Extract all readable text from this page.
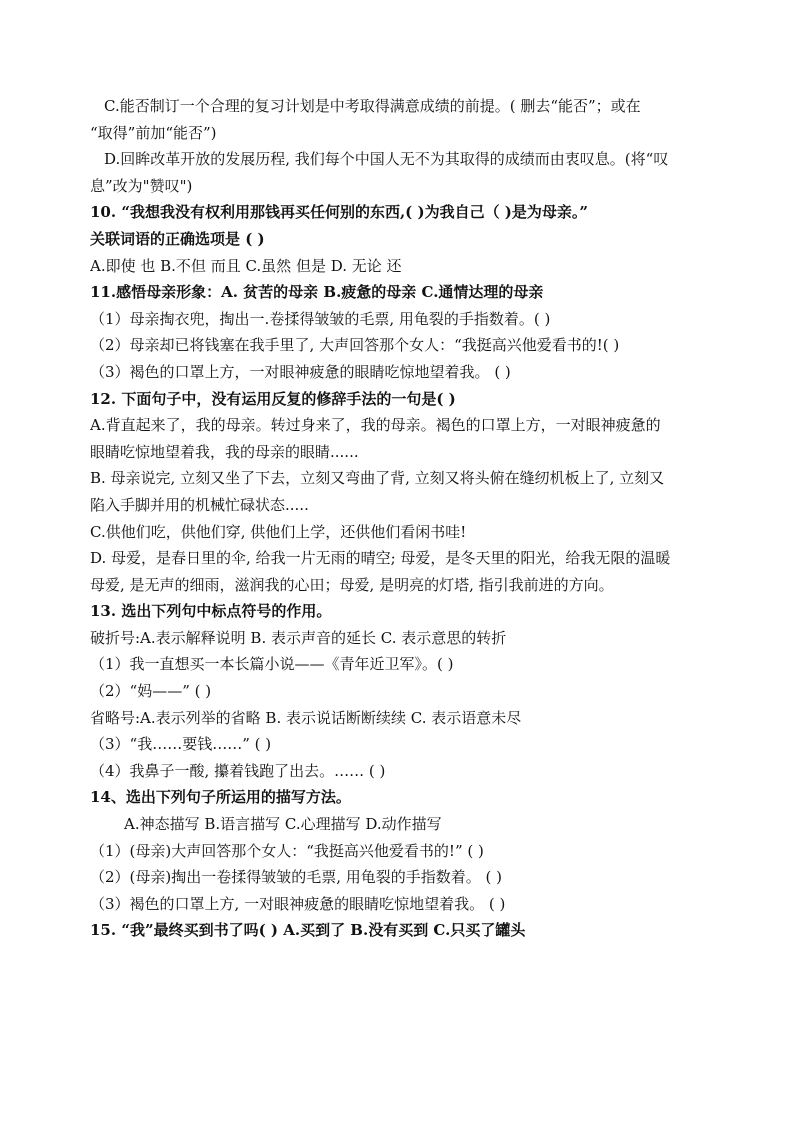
C.能否制订一个合理的复习计划是中考取得满意成绩的前提。( 删去“能否”；或在
“取得”前加“能否”)
D.回眸改革开放的发展历程, 我们每个中国人无不为其取得的成绩而由衷叹息。(将“叹
息”改为"赞叹")
10. “我想我没有权利用那钱再买任何别的东西,( )为我自己（ )是为母亲。”
关联词语的正确选项是 ( )
A.即使 也 B.不但 而且 C.虽然 但是 D. 无论 还
11.感悟母亲形象：A. 贫苦的母亲 B.疲惫的母亲 C.通情达理的母亲
（1）母亲掏衣兜，掏出一.卷揉得皱皱的毛票, 用龟裂的手指数着。( )
（2）母亲却已将钱塞在我手里了, 大声回答那个女人：“我挺高兴他爱看书的!( )
（3）褐色的口罩上方，一对眼神疲惫的眼睛吃惊地望着我。 ( )
12. 下面句子中，没有运用反复的修辞手法的一句是( )
A.背直起来了，我的母亲。转过身来了，我的母亲。褐色的口罩上方，一对眼神疲惫的
眼睛吃惊地望着我，我的母亲的眼睛......
B. 母亲说完, 立刻又坐了下去，立刻又弯曲了背, 立刻又将头俯在缝纫机板上了, 立刻又
陷入手脚并用的机械忙碌状态.....
C.供他们吃，供他们穿, 供他们上学，还供他们看闲书哇!
D. 母爱，是春日里的伞, 给我一片无雨的晴空; 母爱，是冬天里的阳光，给我无限的温暖
母爱, 是无声的细雨，滋润我的心田；母爱, 是明亮的灯塔, 指引我前进的方向。
13. 选出下列句中标点符号的作用。
破折号:A.表示解释说明 B. 表示声音的延长 C. 表示意思的转折
（1）我一直想买一本长篇小说——《青年近卫军》。( )
（2）“妈——” ( )
省略号:A.表示列举的省略 B. 表示说话断断续续 C. 表示语意未尽
（3）“我……要钱……” ( )
（4）我鼻子一酸, 攥着钱跑了出去。…… ( )
14、选出下列句子所运用的描写方法。
A.神态描写 B.语言描写 C.心理描写 D.动作描写
（1）(母亲)大声回答那个女人：“我挺高兴他爱看书的!” ( )
（2）(母亲)掏出一卷揉得皱皱的毛票, 用龟裂的手指数着。 ( )
（3）褐色的口罩上方, 一对眼神疲惫的眼睛吃惊地望着我。 ( )
15. “我”最终买到书了吗( ) A.买到了 B.没有买到 C.只买了罐头
